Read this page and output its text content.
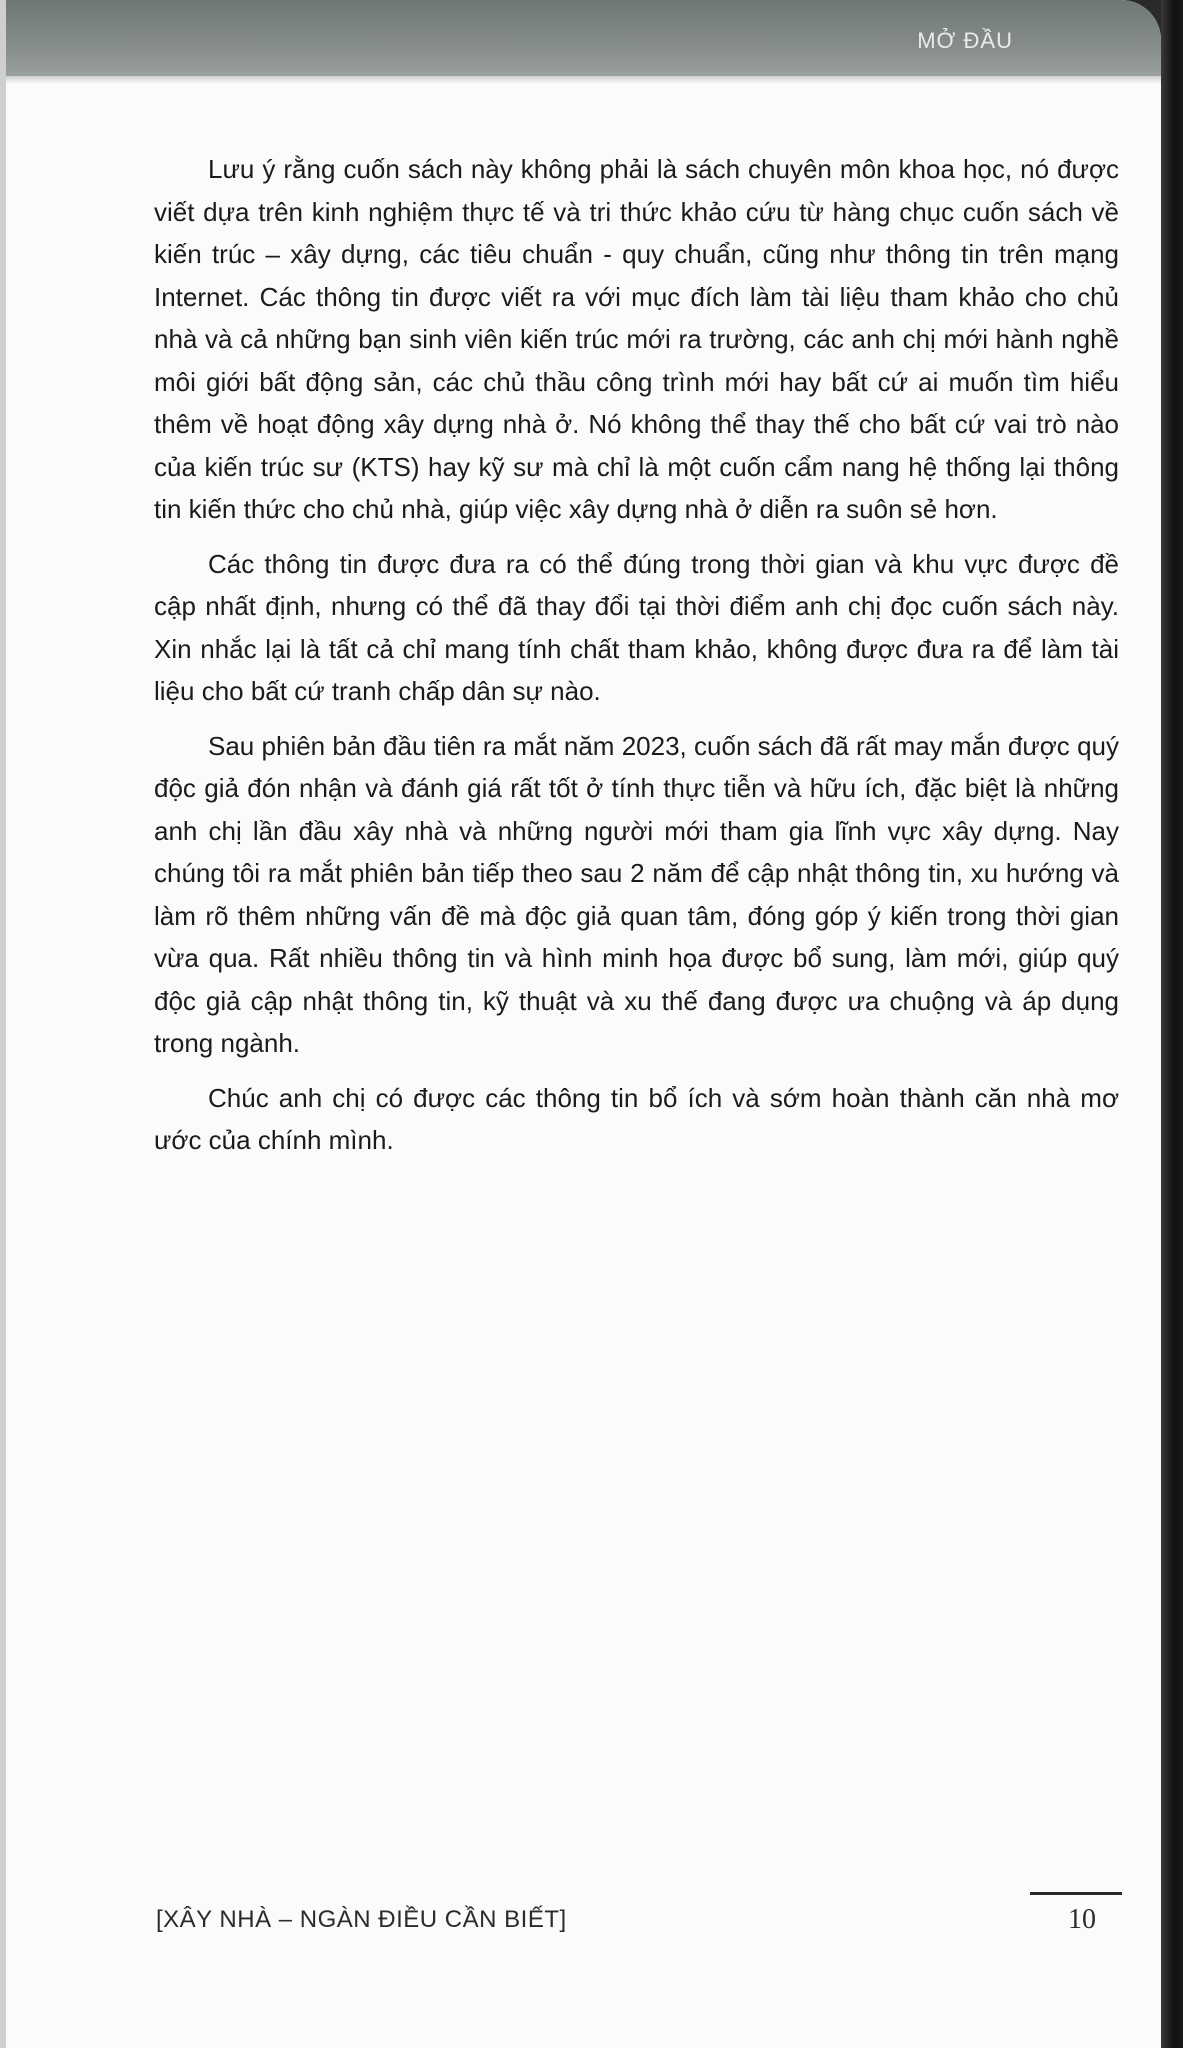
MỞ ĐẦU

Lưu ý rằng cuốn sách này không phải là sách chuyên môn khoa học, nó được viết dựa trên kinh nghiệm thực tế và tri thức khảo cứu từ hàng chục cuốn sách về kiến trúc – xây dựng, các tiêu chuẩn - quy chuẩn, cũng như thông tin trên mạng Internet. Các thông tin được viết ra với mục đích làm tài liệu tham khảo cho chủ nhà và cả những bạn sinh viên kiến trúc mới ra trường, các anh chị mới hành nghề môi giới bất động sản, các chủ thầu công trình mới hay bất cứ ai muốn tìm hiểu thêm về hoạt động xây dựng nhà ở. Nó không thể thay thế cho bất cứ vai trò nào của kiến trúc sư (KTS) hay kỹ sư mà chỉ là một cuốn cẩm nang hệ thống lại thông tin kiến thức cho chủ nhà, giúp việc xây dựng nhà ở diễn ra suôn sẻ hơn.

Các thông tin được đưa ra có thể đúng trong thời gian và khu vực được đề cập nhất định, nhưng có thể đã thay đổi tại thời điểm anh chị đọc cuốn sách này. Xin nhắc lại là tất cả chỉ mang tính chất tham khảo, không được đưa ra để làm tài liệu cho bất cứ tranh chấp dân sự nào.

Sau phiên bản đầu tiên ra mắt năm 2023, cuốn sách đã rất may mắn được quý độc giả đón nhận và đánh giá rất tốt ở tính thực tiễn và hữu ích, đặc biệt là những anh chị lần đầu xây nhà và những người mới tham gia lĩnh vực xây dựng. Nay chúng tôi ra mắt phiên bản tiếp theo sau 2 năm để cập nhật thông tin, xu hướng và làm rõ thêm những vấn đề mà độc giả quan tâm, đóng góp ý kiến trong thời gian vừa qua. Rất nhiều thông tin và hình minh họa được bổ sung, làm mới, giúp quý độc giả cập nhật thông tin, kỹ thuật và xu thế đang được ưa chuộng và áp dụng trong ngành.

Chúc anh chị có được các thông tin bổ ích và sớm hoàn thành căn nhà mơ ước của chính mình.

[XÂY NHÀ – NGÀN ĐIỀU CẦN BIẾT]	10
